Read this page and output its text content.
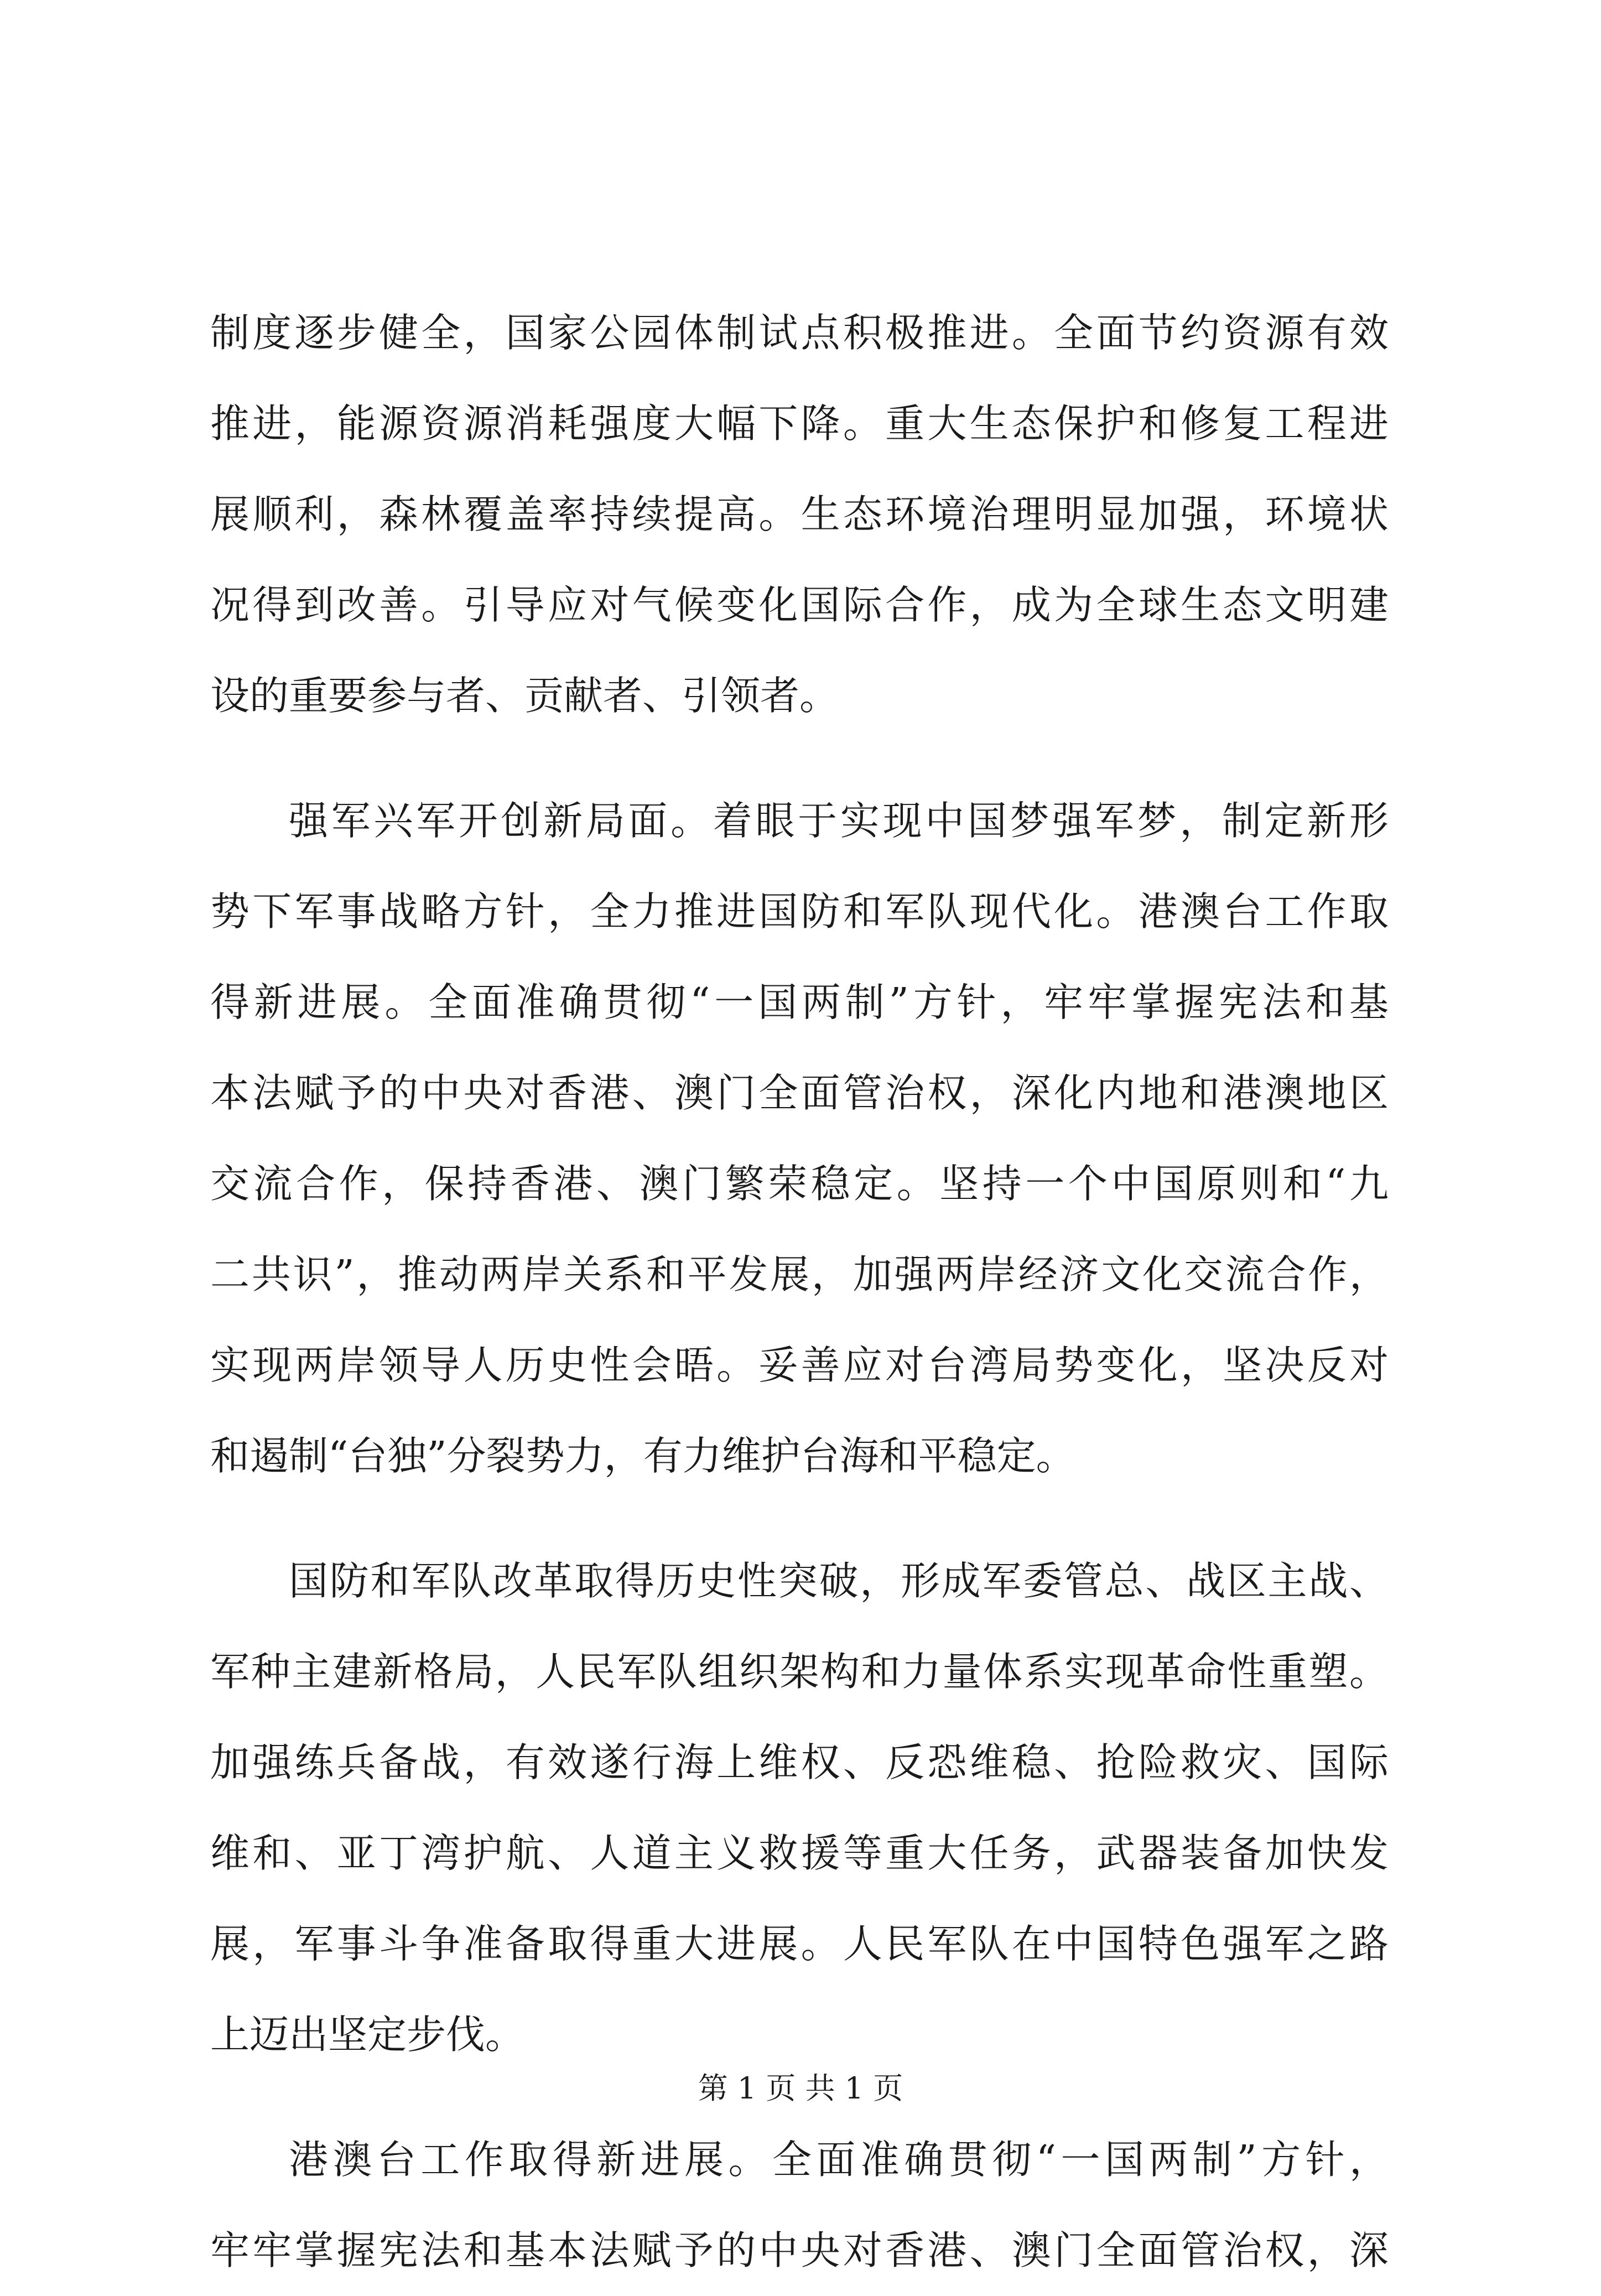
制度逐步健全，国家公园体制试点积极推进。全面节约资源有效
推进，能源资源消耗强度大幅下降。重大生态保护和修复工程进
展顺利，森林覆盖率持续提高。生态环境治理明显加强，环境状
况得到改善。引导应对气候变化国际合作，成为全球生态文明建
设的重要参与者、贡献者、引领者。
强军兴军开创新局面。着眼于实现中国梦强军梦，制定新形
势下军事战略方针，全力推进国防和军队现代化。港澳台工作取
得新进展。全面准确贯彻“一国两制”方针，牢牢掌握宪法和基
本法赋予的中央对香港、澳门全面管治权，深化内地和港澳地区
交流合作，保持香港、澳门繁荣稳定。坚持一个中国原则和“九
二共识”，推动两岸关系和平发展，加强两岸经济文化交流合作，
实现两岸领导人历史性会晤。妥善应对台湾局势变化，坚决反对
和遏制“台独”分裂势力，有力维护台海和平稳定。
国防和军队改革取得历史性突破，形成军委管总、战区主战、
军种主建新格局，人民军队组织架构和力量体系实现革命性重塑。
加强练兵备战，有效遂行海上维权、反恐维稳、抢险救灾、国际
维和、亚丁湾护航、人道主义救援等重大任务，武器装备加快发
展，军事斗争准备取得重大进展。人民军队在中国特色强军之路
上迈出坚定步伐。
港澳台工作取得新进展。全面准确贯彻“一国两制”方针，
牢牢掌握宪法和基本法赋予的中央对香港、澳门全面管治权，深
第 1 页 共 1 页
